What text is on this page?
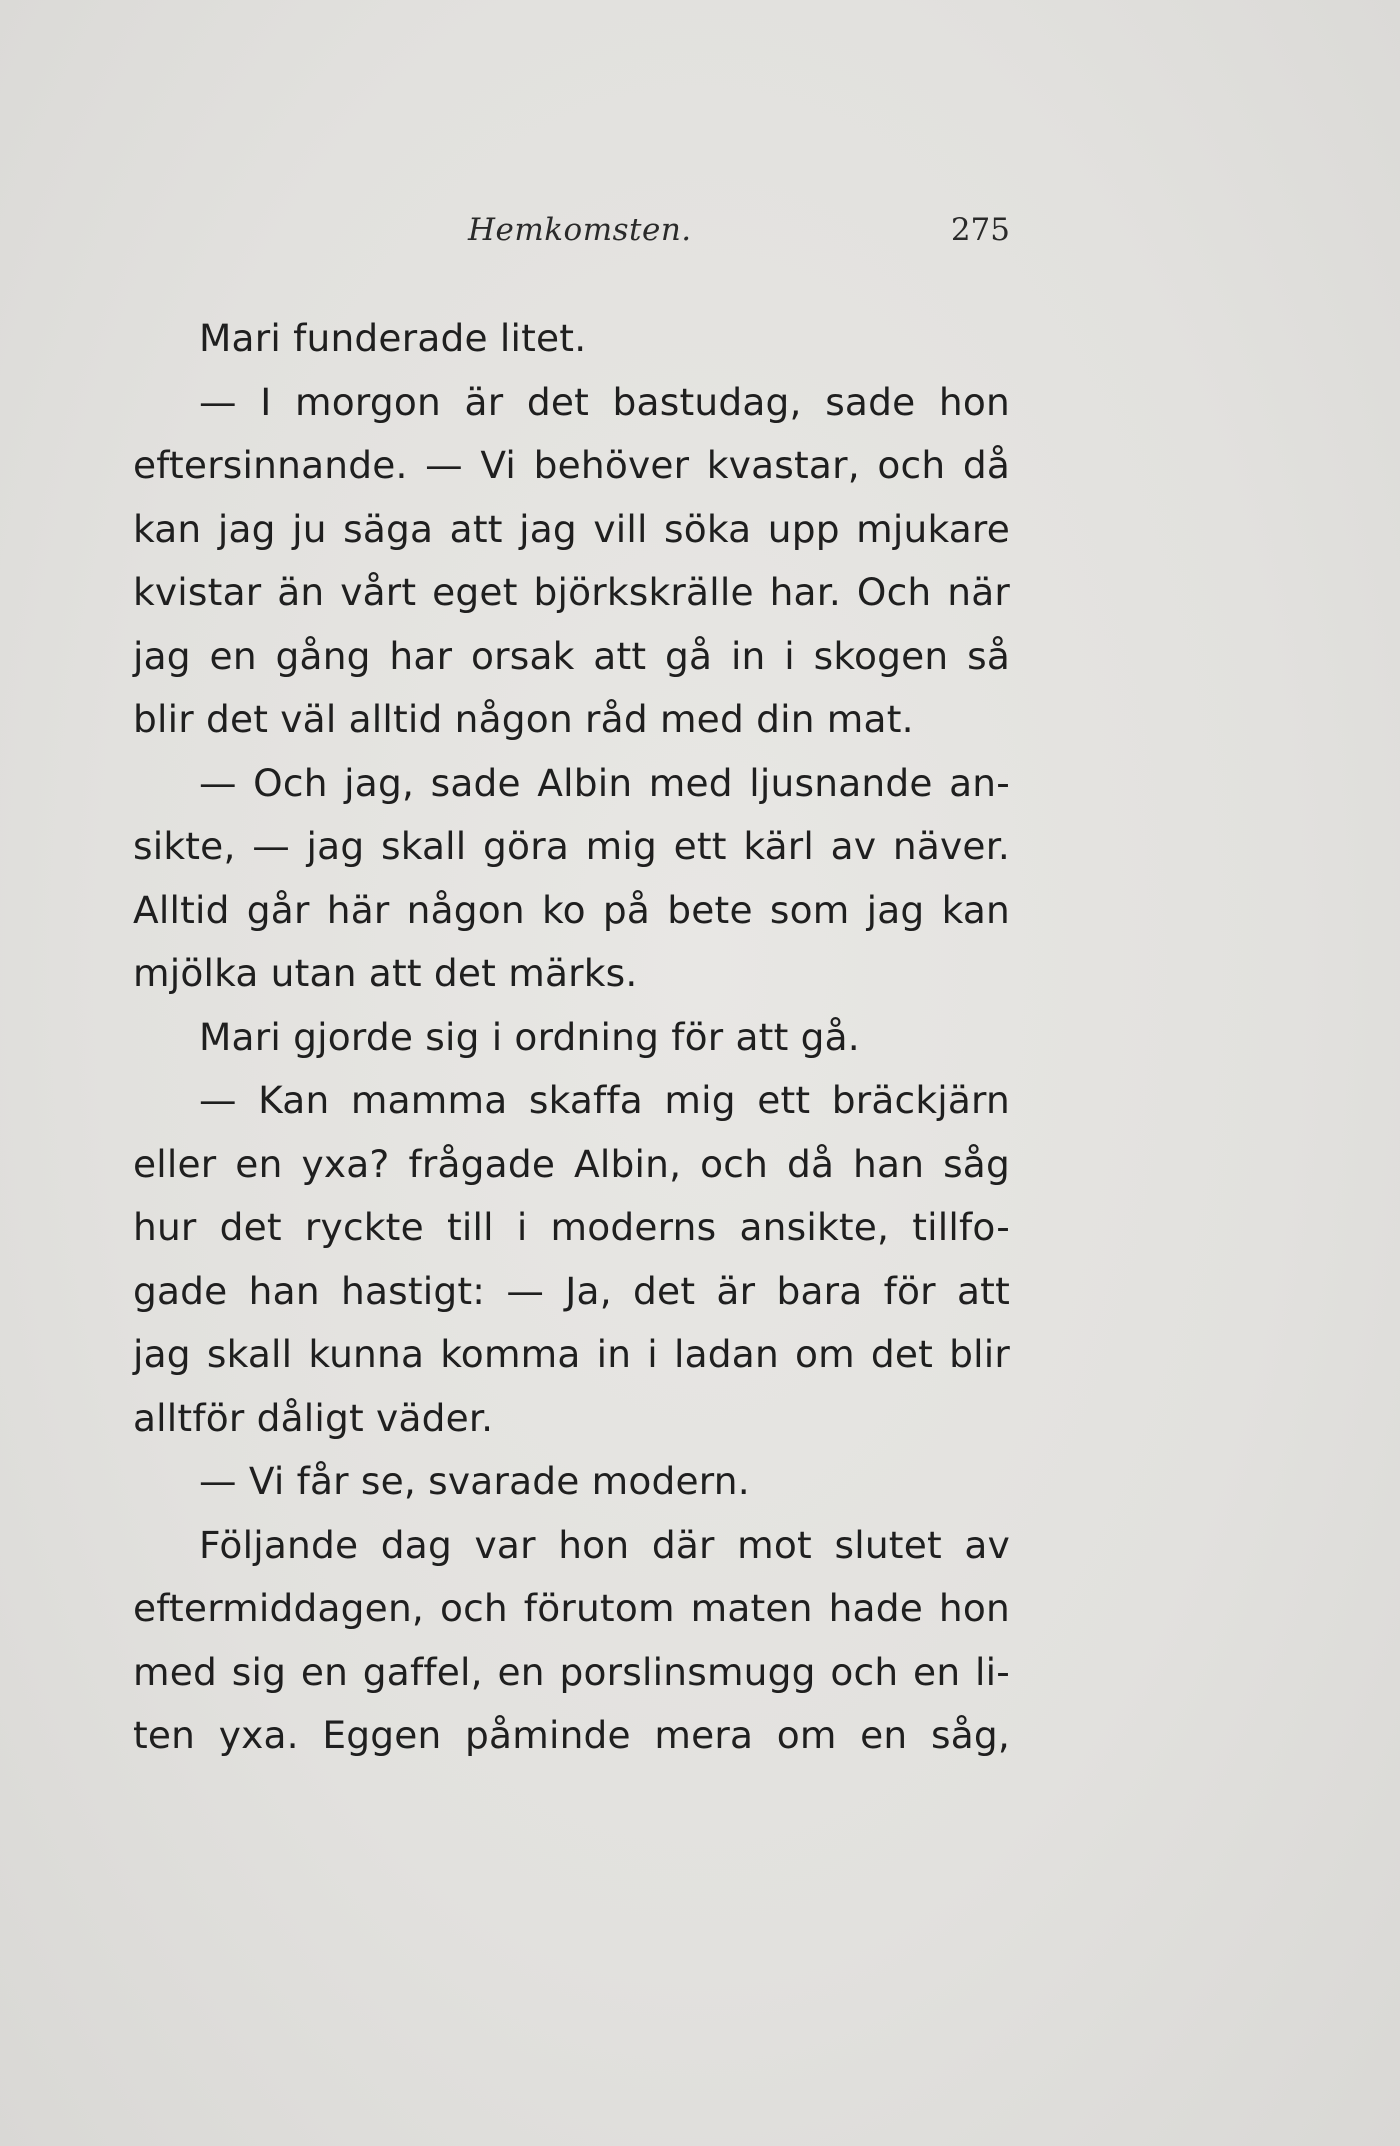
Hemkomsten.	275
Mari funderade litet.
— I morgon är det bastudag, sade hon
eftersinnande. — Vi behöver kvastar, och då
kan jag ju säga att jag vill söka upp mjukare
kvistar än vårt eget björkskrälle har. Och när
jag en gång har orsak att gå in i skogen så
blir det väl alltid någon råd med din mat.
— Och jag, sade Albin med ljusnande an-
sikte, — jag skall göra mig ett kärl av näver.
Alltid går här någon ko på bete som jag kan
mjölka utan att det märks.
Mari gjorde sig i ordning för att gå.
— Kan mamma skaffa mig ett bräckjärn
eller en yxa? frågade Albin, och då han såg
hur det ryckte till i moderns ansikte, tillfo-
gade han hastigt: — Ja, det är bara för att
jag skall kunna komma in i ladan om det blir
alltför dåligt väder.
— Vi får se, svarade modern.
Följande dag var hon där mot slutet av
eftermiddagen, och förutom maten hade hon
med sig en gaffel, en porslinsmugg och en li-
ten yxa. Eggen påminde mera om en såg,
